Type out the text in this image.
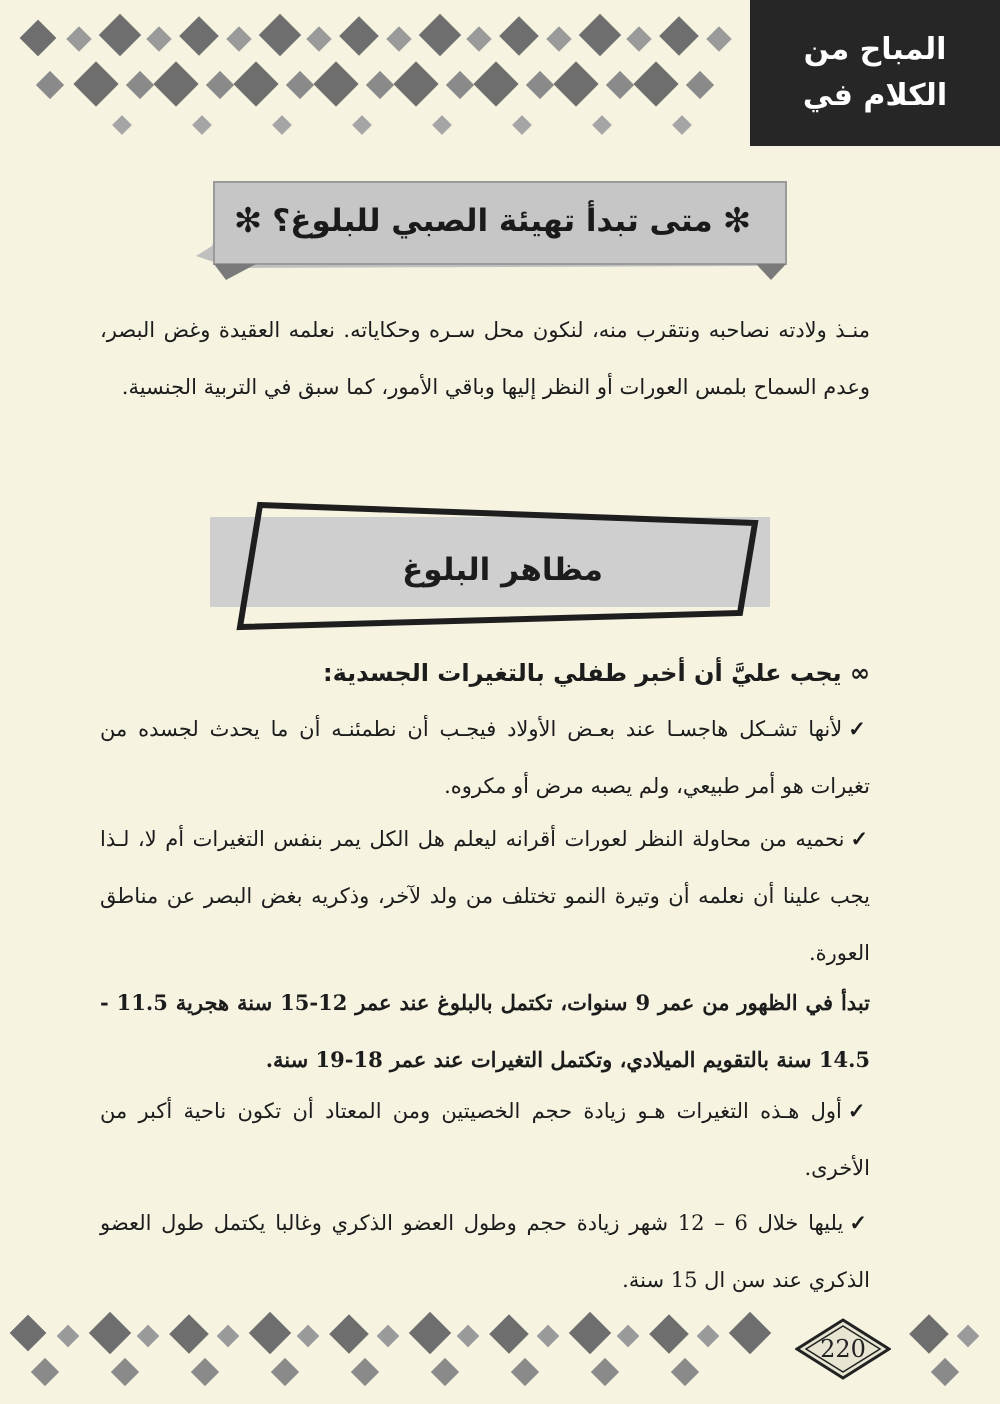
المباح من
الكلام في
✻
متى تبدأ تهيئة الصبي للبلوغ؟
✻
منـذ ولادته نصاحبه ونتقرب منه، لنكون محل سـره وحكاياته. نعلمه العقيدة وغض البصر، وعدم السماح بلمس العورات أو النظر إليها وباقي الأمور، كما سبق في التربية الجنسية.
مظاهر البلوغ
∞ يجب عليَّ أن أخبر طفلي بالتغيرات الجسدية:
✓لأنها تشـكل هاجسـا عند بعـض الأولاد فيجـب أن نطمئنـه أن ما يحدث لجسده من تغيرات هو أمر طبيعي، ولم يصبه مرض أو مكروه.
✓نحميه من محاولة النظر لعورات أقرانه ليعلم هل الكل يمر بنفس التغيرات أم لا، لـذا يجب علينا أن نعلمه أن وتيرة النمو تختلف من ولد لآخر، وذكريه بغض البصر عن مناطق العورة.
تبدأ في الظهور من عمر 9 سنوات، تكتمل بالبلوغ عند عمر 12-15 سنة هجرية 11.5 - 14.5 سنة بالتقويم الميلادي، وتكتمل التغيرات عند عمر 18-19 سنة.
✓أول هـذه التغيرات هـو زيادة حجم الخصيتين ومن المعتاد أن تكون ناحية أكبر من الأخرى.
✓يليها خلال 6 – 12 شهر زيادة حجم وطول العضو الذكري وغالبا يكتمل طول العضو الذكري عند سن ال 15 سنة.
220
